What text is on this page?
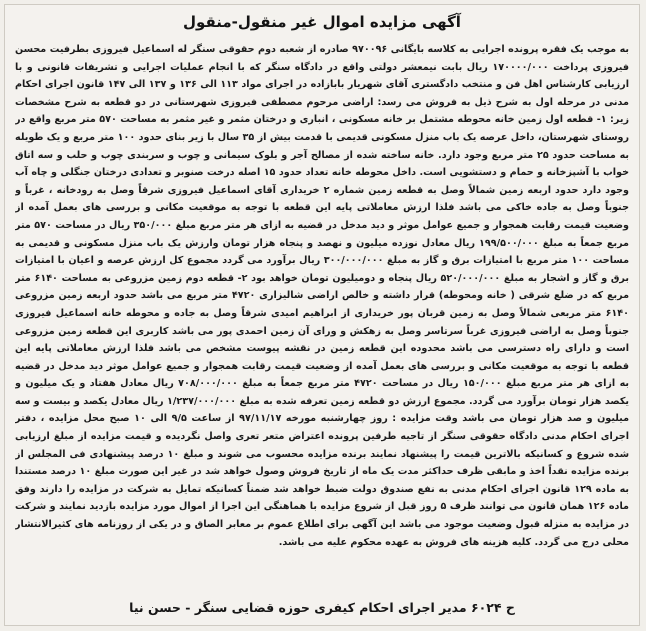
آگهی مزایده اموال غیر منقول-منقول
به موجب یک فقره پرونده اجرایی به کلاسه بایگانی ۹۷۰۰۹۶ صادره از شعبه دوم حقوقی سنگر له اسماعیل فیروزی بطرفیت محسن فیروزی پرداخت ۱۷۰۰۰۰/۰۰۰ ریال بابت نیمعشر دولتی واقع در دادگاه سنگر که با انجام عملیات اجرایی و تشریفات قانونی و با ارزیابی کارشناس اهل فن و منتخب دادگستری آقای شهریار بابازاده در اجرای مواد ۱۱۳ الی ۱۳۶ و ۱۳۷ الی ۱۴۷ قانون اجرای احکام مدنی در مرحله اول به شرح ذیل به فروش می رسد: اراضی مرحوم مصطفی فیروزی شهرستانی در دو قطعه به شرح مشخصات زیر: ۱- قطعه اول زمین خانه محوطه مشتمل بر خانه مسکونی ، انباری و درختان مثمر و غیر مثمر به مساحت ۵۷۰ متر مربع واقع در روستای شهرستان، داخل عرصه یک باب منزل مسکونی قدیمی با قدمت بیش از ۳۵ سال با زیر بنای حدود ۱۰۰ متر مربع و یک طویله به مساحت حدود ۲۵ متر مربع وجود دارد. خانه ساخته شده از مصالح آجر و بلوک سیمانی و چوب و سربندی چوب و حلب و سه اتاق خواب با آشپزخانه و حمام و دستشویی است. داخل محوطه خانه تعداد حدود ۱۵ اصله درخت صنوبر و تعدادی درختان جنگلی و چاه آب وجود دارد حدود اربعه زمین شمالاً وصل به قطعه زمین شماره ۲ خریداری آقای اسماعیل فیروزی شرقاً وصل به رودخانه ، غرباً و جنوباً وصل به جاده خاکی می باشد فلذا ارزش معاملاتی پایه این قطعه با توجه به موقعیت مکانی و بررسی های بعمل آمده از وضعیت قیمت رقابت همجوار و جمیع عوامل موثر و دید مدخل در قضیه به ازای هر متر مربع مبلغ ۳۵۰/۰۰۰ ریال در مساحت ۵۷۰ متر مربع جمعاً به مبلغ ۱۹۹/۵۰۰/۰۰۰ ریال معادل نوزده میلیون و نهصد و پنجاه هزار تومان وارزش یک باب منزل مسکونی و قدیمی به مساحت ۱۰۰ متر مربع با امتیازات برق و گاز به مبلغ ۳۰۰/۰۰۰/۰۰۰ ریال برآورد می گردد مجموع کل ارزش عرصه و اعیان با امتیازات برق و گاز و اشجار به مبلغ ۵۲۰/۰۰۰/۰۰۰ ریال پنجاه و دومیلیون تومان خواهد بود ۲- قطعه دوم زمین مزروعی به مساحت ۶۱۴۰ متر مربع که در ضلع شرقی ( خانه ومحوطه) قرار داشته و خالص اراضی شالیزاری ۴۷۲۰ متر مربع می باشد حدود اربعه زمین مزروعی ۶۱۴۰ متر مربعی شمالاً وصل به زمین قربان پور خریداری از ابراهیم امیدی شرقاً وصل به جاده و محوطه خانه اسماعیل فیروزی جنوباً وصل به اراضی فیروزی غرباً سرتاسر وصل به زهکش و ورای آن زمین احمدی پور می باشد کاربری این قطعه زمین مزروعی است و دارای راه دسترسی می باشد محدوده این قطعه زمین در نقشه پیوست مشخص می باشد فلذا ارزش معاملاتی پایه این قطعه با توجه به موقعیت مکانی و بررسی های بعمل آمده از وضعیت قیمت رقابت همجوار و جمیع عوامل موثر دید مدخل در قضیه به ازای هر متر مربع مبلغ ۱۵۰/۰۰۰ ریال در مساحت ۴۷۲۰ متر مربع جمعاً به مبلغ ۷۰۸/۰۰۰/۰۰۰ ریال معادل هفتاد و یک میلیون و یکصد هزار تومان برآورد می گردد. مجموع ارزش دو قطعه زمین تعرفه شده به مبلغ ۱/۲۳۷/۰۰۰/۰۰۰ ریال معادل یکصد و بیست و سه میلیون و صد هزار تومان می باشد وقت مزایده : روز چهارشنبه مورخه ۹۷/۱۱/۱۷ از ساعت ۹/۵ الی ۱۰ صبح محل مزایده ، دفتر اجرای احکام مدنی دادگاه حقوقی سنگر از تاجیه طرفین پرونده اعتراض متعر تعری واصل نگردیده و قیمت مزایده از مبلغ ارزیابی شده شروع و کسانیکه بالاترین قیمت را پیشنهاد نمایند برنده مزایده محسوب می شوند و مبلغ ۱۰ درصد پیشنهادی فی المجلس از برنده مزایده نقداً اخذ و مابقی ظرف حداکثر مدت یک ماه از تاریخ فروش وصول خواهد شد در غیر این صورت مبلغ ۱۰ درصد مستندا به ماده ۱۲۹ قانون اجرای احکام مدنی به نفع صندوق دولت ضبط خواهد شد ضمناً کسانیکه تمایل به شرکت در مزایده را دارند وفق ماده ۱۲۶ همان قانون می توانند ظرف ۵ روز قبل از شروع مزایده با هماهنگی این اجرا از اموال مورد مزایده بازدید نمایند و شرکت در مزایده به منزله قبول وضعیت موجود می باشد این آگهی برای اطلاع عموم بر معابر الصاق و در یکی از روزنامه های کثیرالانتشار محلی درج می گردد. کلیه هزینه های فروش به عهده محکوم علیه می باشد.
ح ۶۰۲۴ مدیر اجرای احکام کیفری حوزه قضایی سنگر - حسن نیا
